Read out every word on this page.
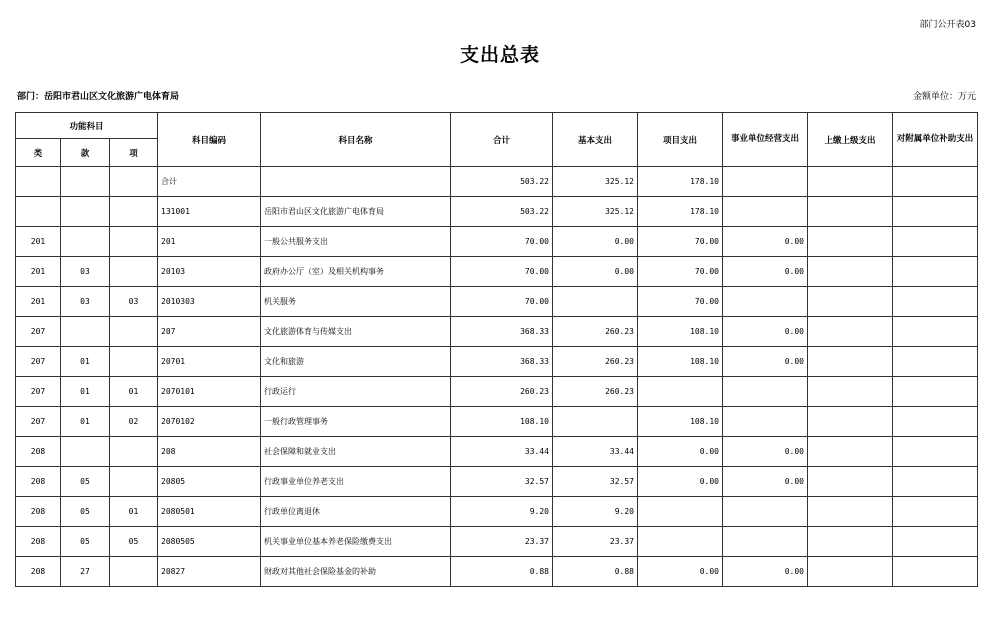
部门公开表03
支出总表
部门：岳阳市君山区文化旅游广电体育局	金额单位：万元
功能科目			科目编码	科目名称	合计	基本支出	项目支出	事业单位经营支出	上缴上级支出	对附属单位补助支出
类	款	项								
			合计		503.22	325.12	178.10			
			131001	岳阳市君山区文化旅游广电体育局	503.22	325.12	178.10			
201			201	一般公共服务支出	70.00	0.00	70.00	0.00		
201	03		20103	政府办公厅（室）及相关机构事务	70.00	0.00	70.00	0.00		
201	03	03	2010303	机关服务	70.00		70.00			
207			207	文化旅游体育与传媒支出	368.33	260.23	108.10	0.00		
207	01		20701	文化和旅游	368.33	260.23	108.10	0.00		
207	01	01	2070101	行政运行	260.23	260.23				
207	01	02	2070102	一般行政管理事务	108.10		108.10			
208			208	社会保障和就业支出	33.44	33.44	0.00	0.00		
208	05		20805	行政事业单位养老支出	32.57	32.57	0.00	0.00		
208	05	01	2080501	行政单位离退休	9.20	9.20				
208	05	05	2080505	机关事业单位基本养老保险缴费支出	23.37	23.37				
208	27		20827	财政对其他社会保险基金的补助	0.88	0.88	0.00	0.00		
